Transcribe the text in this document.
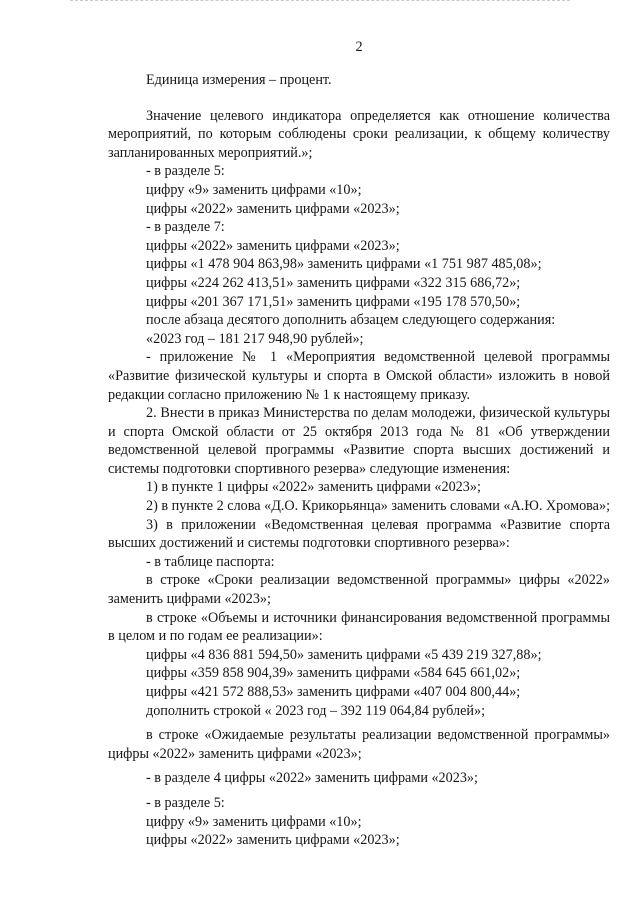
2

Единица измерения – процент.

Значение целевого индикатора определяется как отношение количества мероприятий, по которым соблюдены сроки реализации, к общему количеству запланированных мероприятий.»;

- в разделе 5:

цифру «9» заменить цифрами «10»;

цифры «2022» заменить цифрами «2023»;

- в разделе 7:

цифры «2022» заменить цифрами «2023»;

цифры «1 478 904 863,98» заменить цифрами «1 751 987 485,08»;

цифры «224 262 413,51» заменить цифрами «322 315 686,72»;

цифры «201 367 171,51» заменить цифрами «195 178 570,50»;

после абзаца десятого дополнить абзацем следующего содержания:

«2023 год – 181 217 948,90 рублей»;

- приложение № 1 «Мероприятия ведомственной целевой программы «Развитие физической культуры и спорта в Омской области» изложить в новой редакции согласно приложению № 1 к настоящему приказу.

2. Внести в приказ Министерства по делам молодежи, физической культуры и спорта Омской области от 25 октября 2013 года № 81 «Об утверждении ведомственной целевой программы «Развитие спорта высших достижений и системы подготовки спортивного резерва» следующие изменения:

1) в пункте 1 цифры «2022» заменить цифрами «2023»;

2) в пункте 2 слова «Д.О. Крикорьянца» заменить словами «А.Ю. Хромова»;

3) в приложении «Ведомственная целевая программа «Развитие спорта высших достижений и системы подготовки спортивного резерва»:

- в таблице паспорта:

в строке «Сроки реализации ведомственной программы» цифры «2022» заменить цифрами «2023»;

в строке «Объемы и источники финансирования ведомственной программы в целом и по годам ее реализации»:

цифры «4 836 881 594,50» заменить цифрами «5 439 219 327,88»;

цифры «359 858 904,39» заменить цифрами «584 645 661,02»;

цифры «421 572 888,53» заменить цифрами «407 004 800,44»;

дополнить строкой « 2023 год – 392 119 064,84 рублей»;

в строке «Ожидаемые результаты реализации ведомственной программы» цифры «2022» заменить цифрами «2023»;

- в разделе 4 цифры «2022» заменить цифрами «2023»;

- в разделе 5:

цифру «9» заменить цифрами «10»;

цифры «2022» заменить цифрами «2023»;
